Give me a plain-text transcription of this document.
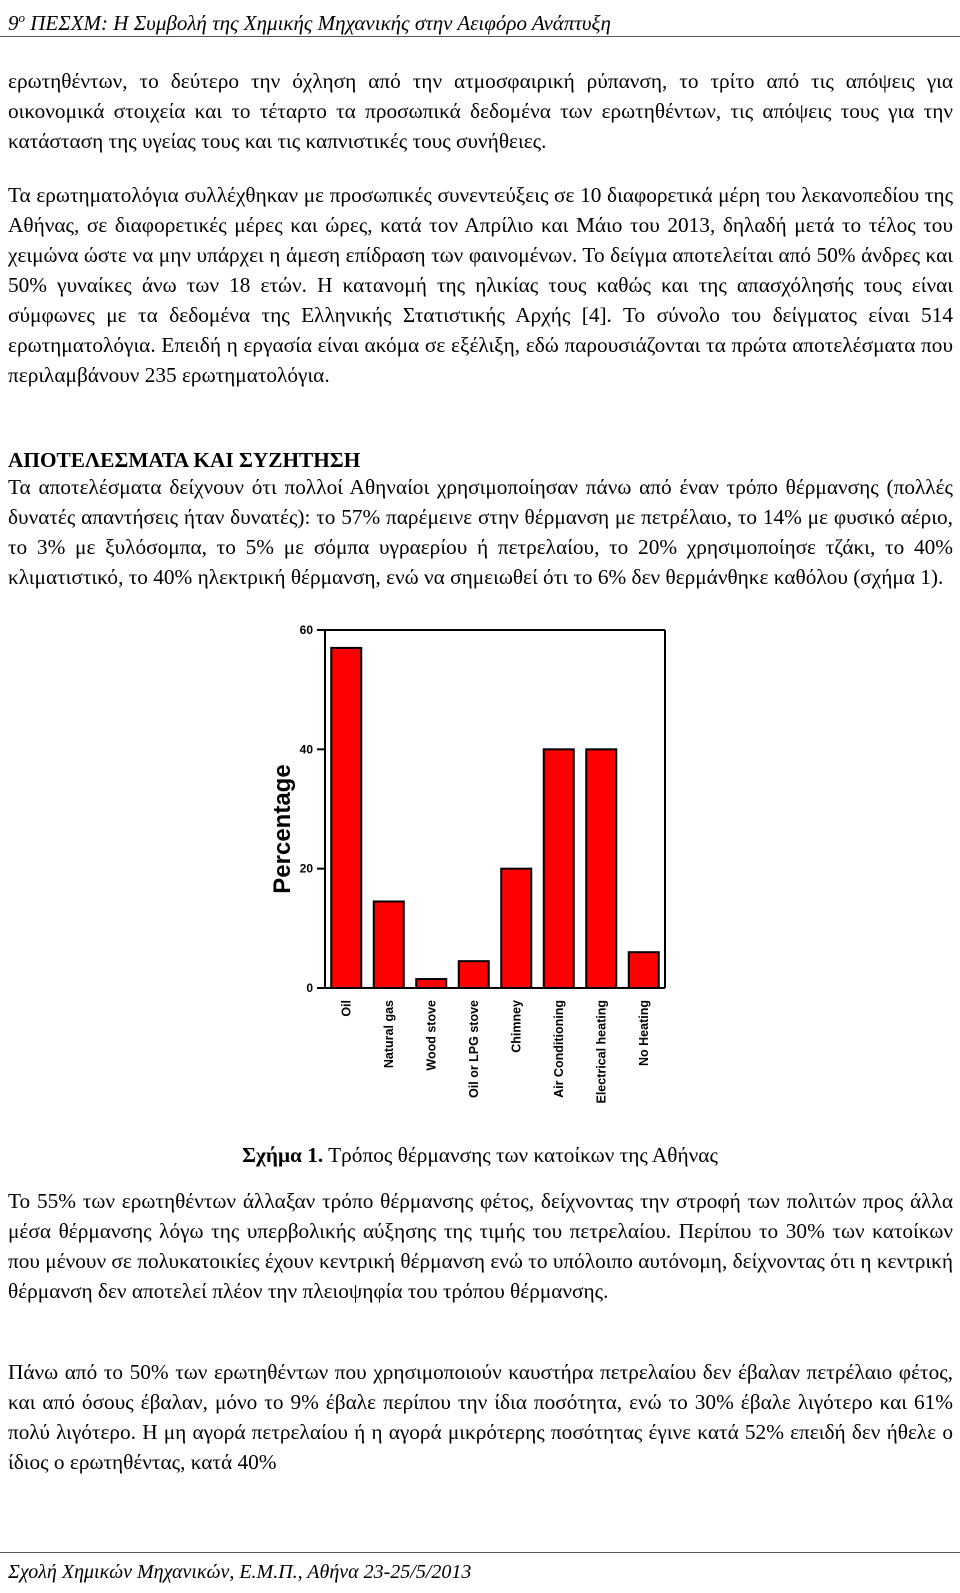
$9^o$ ΠΕΣΧΜ: Η Συμβολή της Χημικής Μηχανικής στην Αειφόρο Ανάπτυξη

ερωτηθέντων, το δεύτερο την όχληση από την ατμοσφαιρική ρύπανση, το τρίτο από τις απόψεις για οικονομικά στοιχεία και το τέταρτο τα προσωπικά δεδομένα των ερωτηθέντων, τις απόψεις τους για την κατάσταση της υγείας τους και τις καπνιστικές τους συνήθειες.

Τα ερωτηματολόγια συλλέχθηκαν με προσωπικές συνεντεύξεις σε 10 διαφορετικά μέρη του λεκανοπεδίου της Αθήνας, σε διαφορετικές μέρες και ώρες, κατά τον Απρίλιο και Μάιο του 2013, δηλαδή μετά το τέλος του χειμώνα ώστε να μην υπάρχει η άμεση επίδραση των φαινομένων. Το δείγμα αποτελείται από 50% άνδρες και 50% γυναίκες άνω των 18 ετών. Η κατανομή της ηλικίας τους καθώς και της απασχόλησής τους είναι σύμφωνες με τα δεδομένα της Ελληνικής Στατιστικής Αρχής [4]. Το σύνολο του δείγματος είναι 514 ερωτηματολόγια. Επειδή η εργασία είναι ακόμα σε εξέλιξη, εδώ παρουσιάζονται τα πρώτα αποτελέσματα που περιλαμβάνουν 235 ερωτηματολόγια.

ΑΠΟΤΕΛΕΣΜΑΤΑ ΚΑΙ ΣΥΖΗΤΗΣΗ

Τα αποτελέσματα δείχνουν ότι πολλοί Αθηναίοι χρησιμοποίησαν πάνω από έναν τρόπο θέρμανσης (πολλές δυνατές απαντήσεις ήταν δυνατές): το 57% παρέμεινε στην θέρμανση με πετρέλαιο, το 14% με φυσικό αέριο, το 3% με ξυλόσομπα, το 5% με σόμπα υγραερίου ή πετρελαίου, το 20% χρησιμοποίησε τζάκι, το 40% κλιματιστικό, το 40% ηλεκτρική θέρμανση, ενώ να σημειωθεί ότι το 6% δεν θερμάνθηκε καθόλου (σχήμα 1).

0
20
40
60
Oil Natural gas Wood stove Oil or LPG stove Chimney Air Conditioning Electrical heating No Heating
Percentage
Σχήμα 1. Τρόπος θέρμανσης των κατοίκων της Αθήνας

Το 55% των ερωτηθέντων άλλαξαν τρόπο θέρμανσης φέτος, δείχνοντας την στροφή των πολιτών προς άλλα μέσα θέρμανσης λόγω της υπερβολικής αύξησης της τιμής του πετρελαίου. Περίπου το 30% των κατοίκων που μένουν σε πολυκατοικίες έχουν κεντρική θέρμανση ενώ το υπόλοιπο αυτόνομη, δείχνοντας ότι η κεντρική θέρμανση δεν αποτελεί πλέον την πλειοψηφία του τρόπου θέρμανσης.

Πάνω από το 50% των ερωτηθέντων που χρησιμοποιούν καυστήρα πετρελαίου δεν έβαλαν πετρέλαιο φέτος, και από όσους έβαλαν, μόνο το 9% έβαλε περίπου την ίδια ποσότητα, ενώ το 30% έβαλε λιγότερο και 61% πολύ λιγότερο. Η μη αγορά πετρελαίου ή η αγορά μικρότερης ποσότητας έγινε κατά 52% επειδή δεν ήθελε ο ίδιος ο ερωτηθέντας, κατά 40%

Σχολή Χημικών Μηχανικών, Ε.Μ.Π., Αθήνα 23-25/5/2013
